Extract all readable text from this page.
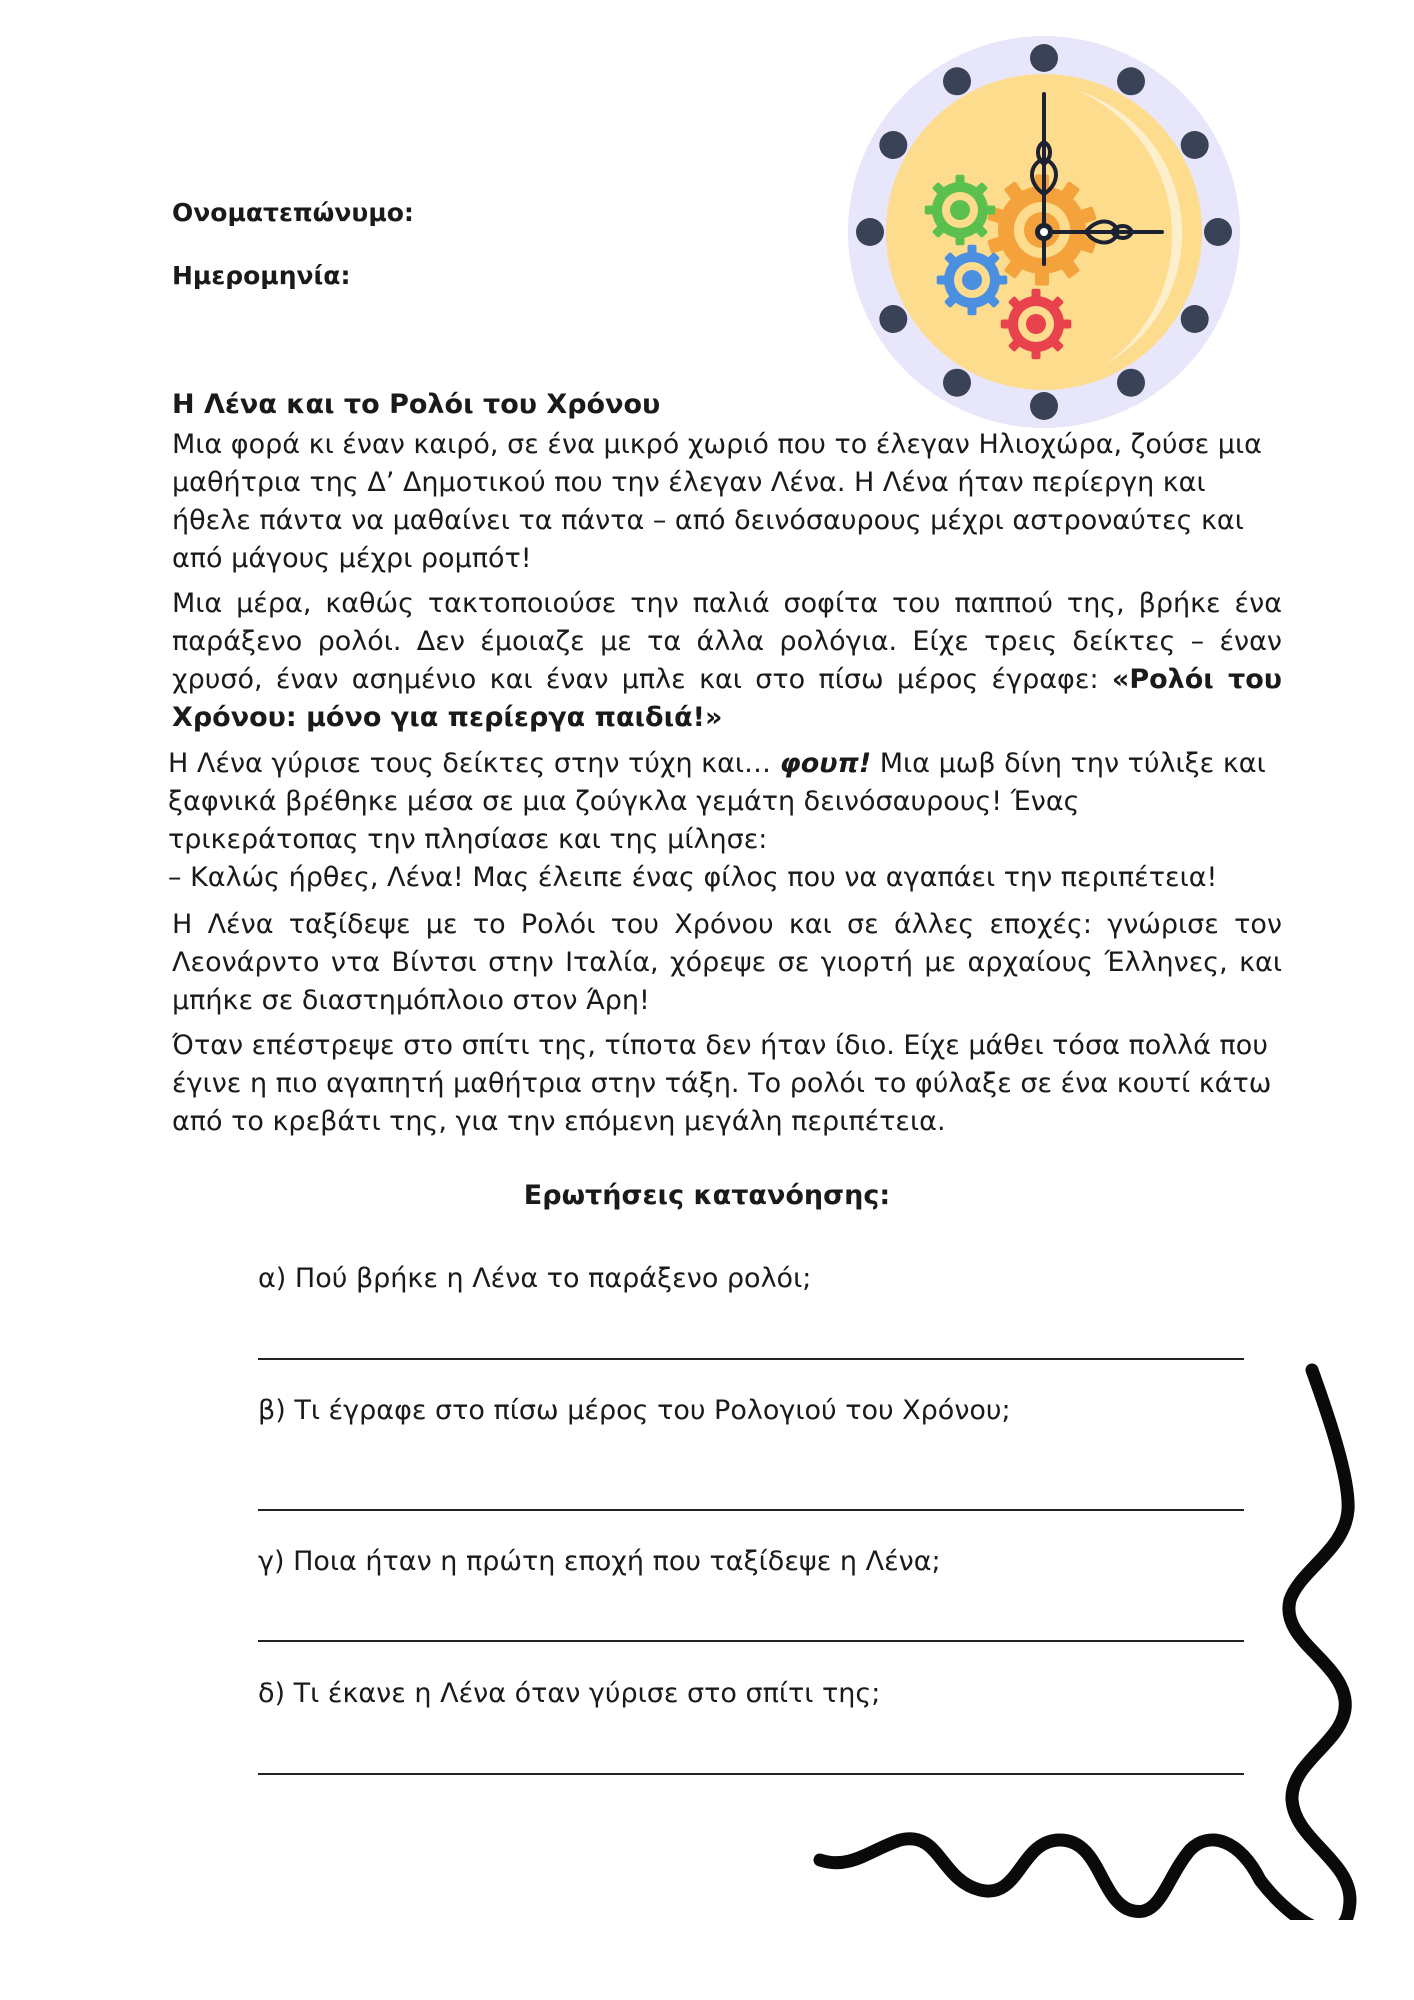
Ονοματεπώνυμο:
Ημερομηνία:
Η Λένα και το Ρολόι του Χρόνου

Μια φορά κι έναν καιρό, σε ένα μικρό χωριό που το έλεγαν Ηλιοχώρα, ζούσε μια μαθήτρια της Δ’ Δημοτικού που την έλεγαν Λένα. Η Λένα ήταν περίεργη και ήθελε πάντα να μαθαίνει τα πάντα – από δεινόσαυρους μέχρι αστροναύτες και από μάγους μέχρι ρομπότ!

Μια μέρα, καθώς τακτοποιούσε την παλιά σοφίτα του παππού της, βρήκε ένα παράξενο ρολόι. Δεν έμοιαζε με τα άλλα ρολόγια. Είχε τρεις δείκτες – έναν χρυσό, έναν ασημένιο και έναν μπλε και στο πίσω μέρος έγραφε: «Ρολόι του Χρόνου: μόνο για περίεργα παιδιά!»

Η Λένα γύρισε τους δείκτες στην τύχη και… φουπ! Μια μωβ δίνη την τύλιξε και ξαφνικά βρέθηκε μέσα σε μια ζούγκλα γεμάτη δεινόσαυρους! Ένας τρικεράτοπας την πλησίασε και της μίλησε:

– Καλώς ήρθες, Λένα! Μας έλειπε ένας φίλος που να αγαπάει την περιπέτεια!

Η Λένα ταξίδεψε με το Ρολόι του Χρόνου και σε άλλες εποχές: γνώρισε τον Λεονάρντο ντα Βίντσι στην Ιταλία, χόρεψε σε γιορτή με αρχαίους Έλληνες, και μπήκε σε διαστημόπλοιο στον Άρη!

Όταν επέστρεψε στο σπίτι της, τίποτα δεν ήταν ίδιο. Είχε μάθει τόσα πολλά που έγινε η πιο αγαπητή μαθήτρια στην τάξη. Το ρολόι το φύλαξε σε ένα κουτί κάτω από το κρεβάτι της, για την επόμενη μεγάλη περιπέτεια.

Ερωτήσεις κατανόησης:
α) Πού βρήκε η Λένα το παράξενο ρολόι;
β) Τι έγραφε στο πίσω μέρος του Ρολογιού του Χρόνου;
γ) Ποια ήταν η πρώτη εποχή που ταξίδεψε η Λένα;
δ) Τι έκανε η Λένα όταν γύρισε στο σπίτι της;
